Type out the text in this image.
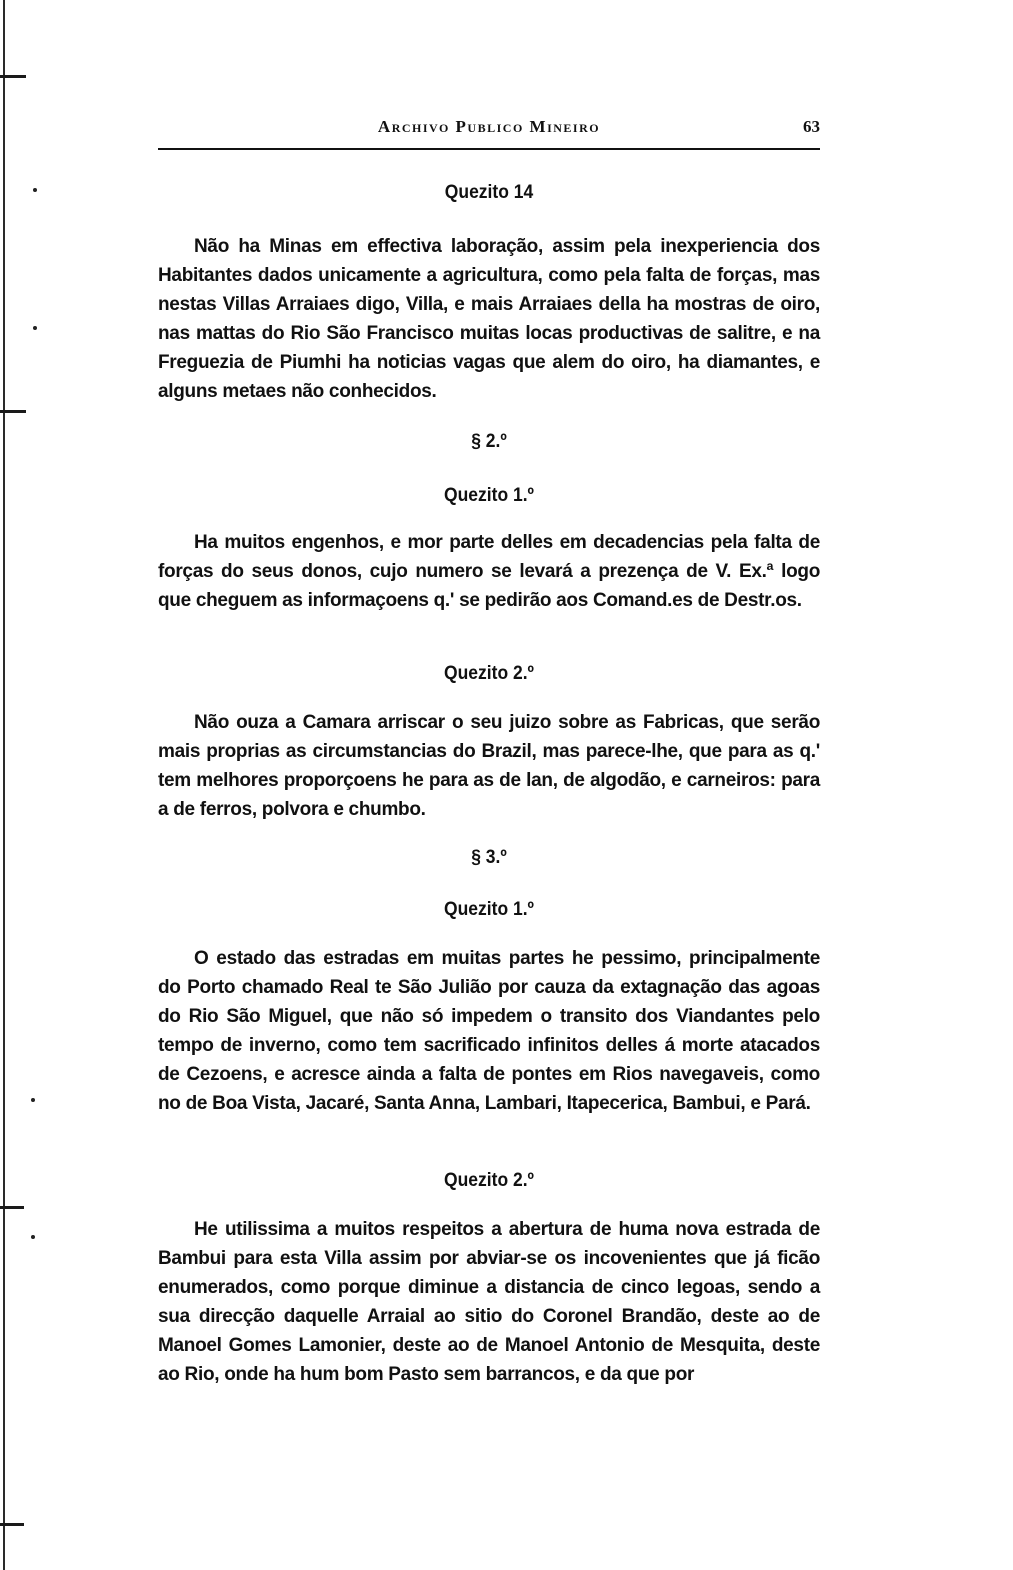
Archivo Publico Mineiro	63
Quezito 14

Não ha Minas em effectiva laboração, assim pela inexperiencia dos Habitantes dados unicamente a agricultura, como pela falta de forças, mas nestas Villas Arraiaes digo, Villa, e mais Arraiaes della ha mostras de oiro, nas mattas do Rio São Francisco muitas locas productivas de salitre, e na Freguezia de Piumhi ha noticias vagas que alem do oiro, ha diamantes, e alguns metaes não conhecidos.

§ 2.º
Quezito 1.º

Ha muitos engenhos, e mor parte delles em decadencias pela falta de forças do seus donos, cujo numero se levará a prezença de V. Ex.ª logo que cheguem as informaçoens q.' se pedirão aos Comand.es de Destr.os.

Quezito 2.º

Não ouza a Camara arriscar o seu juizo sobre as Fabricas, que serão mais proprias as circumstancias do Brazil, mas parece-lhe, que para as q.' tem melhores proporçoens he para as de lan, de algodão, e carneiros: para a de ferros, polvora e chumbo.

§ 3.º
Quezito 1.º

O estado das estradas em muitas partes he pessimo, principalmente do Porto chamado Real te São Julião por cauza da extagnação das agoas do Rio São Miguel, que não só impedem o transito dos Viandantes pelo tempo de inverno, como tem sacrificado infinitos delles á morte atacados de Cezoens, e acresce ainda a falta de pontes em Rios navegaveis, como no de Boa Vista, Jacaré, Santa Anna, Lambari, Itapecerica, Bambui, e Pará.

Quezito 2.º

He utilissima a muitos respeitos a abertura de huma nova estrada de Bambui para esta Villa assim por abviar-se os incovenientes que já ficão enumerados, como porque diminue a distancia de cinco legoas, sendo a sua direcção daquelle Arraial ao sitio do Coronel Brandão, deste ao de Manoel Gomes Lamonier, deste ao de Manoel Antonio de Mesquita, deste ao Rio, onde ha hum bom Pasto sem barrancos, e da que por
